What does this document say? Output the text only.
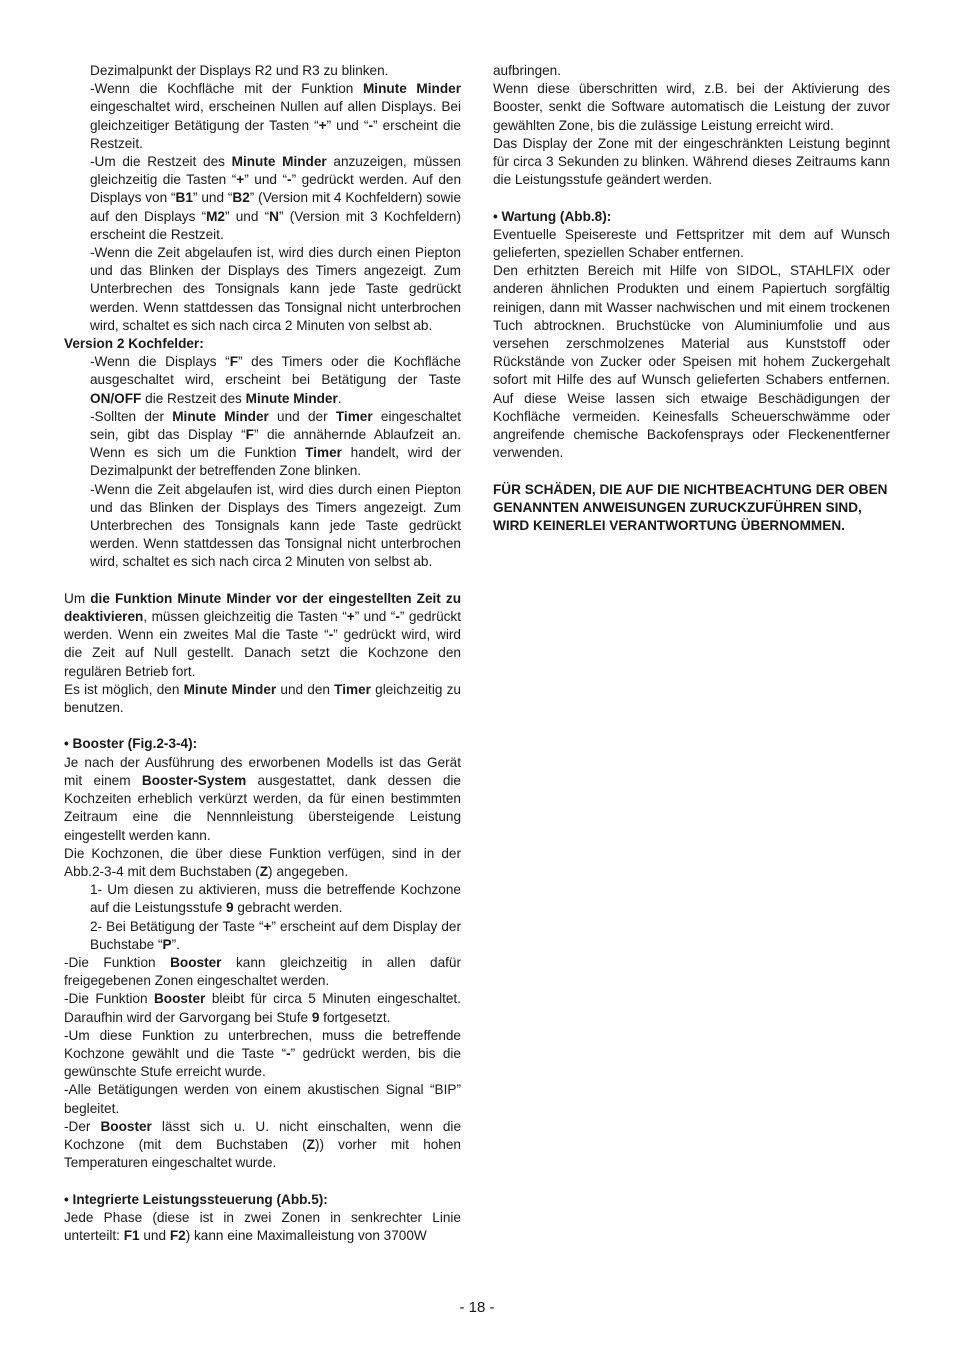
Dezimalpunkt der Displays R2 und R3 zu blinken.

-Wenn die Kochfläche mit der Funktion Minute Minder eingeschaltet wird, erscheinen Nullen auf allen Displays. Bei gleichzeitiger Betätigung der Tasten “+” und “-” erscheint die Restzeit.

-Um die Restzeit des Minute Minder anzuzeigen, müssen gleichzeitig die Tasten “+” und “-” gedrückt werden. Auf den Displays von “B1” und “B2” (Version mit 4 Kochfeldern) sowie auf den Displays “M2” und “N” (Version mit 3 Kochfeldern) erscheint die Restzeit.

-Wenn die Zeit abgelaufen ist, wird dies durch einen Piepton und das Blinken der Displays des Timers angezeigt. Zum Unterbrechen des Tonsignals kann jede Taste gedrückt werden. Wenn stattdessen das Tonsignal nicht unterbrochen wird, schaltet es sich nach circa 2 Minuten von selbst ab.

Version 2 Kochfelder:

-Wenn die Displays “F” des Timers oder die Kochfläche ausgeschaltet wird, erscheint bei Betätigung der Taste ON/OFF die Restzeit des Minute Minder.

-Sollten der Minute Minder und der Timer eingeschaltet sein, gibt das Display “F” die annähernde Ablaufzeit an. Wenn es sich um die Funktion Timer handelt, wird der Dezimalpunkt der betreffenden Zone blinken.

-Wenn die Zeit abgelaufen ist, wird dies durch einen Piepton und das Blinken der Displays des Timers angezeigt. Zum Unterbrechen des Tonsignals kann jede Taste gedrückt werden. Wenn stattdessen das Tonsignal nicht unterbrochen wird, schaltet es sich nach circa 2 Minuten von selbst ab.

Um die Funktion Minute Minder vor der eingestellten Zeit zu deaktivieren, müssen gleichzeitig die Tasten “+” und “-” gedrückt werden. Wenn ein zweites Mal die Taste “-” gedrückt wird, wird die Zeit auf Null gestellt. Danach setzt die Kochzone den regulären Betrieb fort.

Es ist möglich, den Minute Minder und den Timer gleichzeitig zu benutzen.

• Booster (Fig.2-3-4):

Je nach der Ausführung des erworbenen Modells ist das Gerät mit einem Booster-System ausgestattet, dank dessen die Kochzeiten erheblich verkürzt werden, da für einen bestimmten Zeitraum eine die Nennnleistung übersteigende Leistung eingestellt werden kann.

Die Kochzonen, die über diese Funktion verfügen, sind in der Abb.2-3-4 mit dem Buchstaben (Z) angegeben.

1- Um diesen zu aktivieren, muss die betreffende Kochzone auf die Leistungsstufe 9 gebracht werden.

2- Bei Betätigung der Taste “+” erscheint auf dem Display der Buchstabe “P”.

-Die Funktion Booster kann gleichzeitig in allen dafür freigegebenen Zonen eingeschaltet werden.

-Die Funktion Booster bleibt für circa 5 Minuten eingeschaltet. Daraufhin wird der Garvorgang bei Stufe 9 fortgesetzt.

-Um diese Funktion zu unterbrechen, muss die betreffende Kochzone gewählt und die Taste “-” gedrückt werden, bis die gewünschte Stufe erreicht wurde.

-Alle Betätigungen werden von einem akustischen Signal “BIP” begleitet.

-Der Booster lässt sich u. U. nicht einschalten, wenn die Kochzone (mit dem Buchstaben (Z)) vorher mit hohen Temperaturen eingeschaltet wurde.

• Integrierte Leistungssteuerung (Abb.5):

Jede Phase (diese ist in zwei Zonen in senkrechter Linie unterteilt: F1 und F2) kann eine Maximalleistung von 3700W

aufbringen.

Wenn diese überschritten wird, z.B. bei der Aktivierung des Booster, senkt die Software automatisch die Leistung der zuvor gewählten Zone, bis die zulässige Leistung erreicht wird.

Das Display der Zone mit der eingeschränkten Leistung beginnt für circa 3 Sekunden zu blinken. Während dieses Zeitraums kann die Leistungsstufe geändert werden.

• Wartung (Abb.8):

Eventuelle Speisereste und Fettspritzer mit dem auf Wunsch gelieferten, speziellen Schaber entfernen.

Den erhitzten Bereich mit Hilfe von SIDOL, STAHLFIX oder anderen ähnlichen Produkten und einem Papiertuch sorgfältig reinigen, dann mit Wasser nachwischen und mit einem trockenen Tuch abtrocknen. Bruchstücke von Aluminiumfolie und aus versehen zerschmolzenes Material aus Kunststoff oder Rückstände von Zucker oder Speisen mit hohem Zuckergehalt sofort mit Hilfe des auf Wunsch gelieferten Schabers entfernen. Auf diese Weise lassen sich etwaige Beschädigungen der Kochfläche vermeiden. Keinesfalls Scheuerschwämme oder angreifende chemische Backofensprays oder Fleckenentferner verwenden.

FÜR SCHÄDEN, DIE AUF DIE NICHTBEACHTUNG DER OBEN GENANNTEN ANWEISUNGEN ZURUCKZUFÜHREN SIND, WIRD KEINERLEI VERANTWORTUNG ÜBERNOMMEN.

- 18 -
